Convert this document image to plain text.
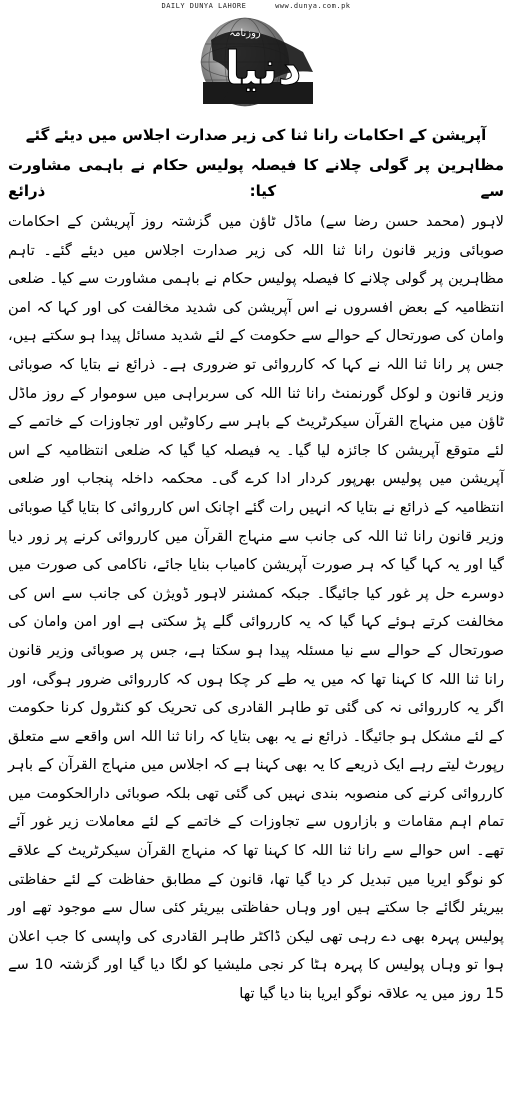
DAILY DUNYA LAHORE	www.dunya.com.pk
دنیا
روزنامہ
آپریشن کے احکامات رانا ثنا کی زیر صدارت اجلاس میں دیئے گئے
مظاہرین پر گولی چلانے کا فیصلہ پولیس حکام نے باہمی مشاورت سے کیا: ذرائع

لاہور (محمد حسن رضا سے) ماڈل ٹاؤن میں گزشتہ روز آپریشن کے احکامات صوبائی وزیر قانون رانا ثنا اللہ کی زیر صدارت اجلاس میں دیئے گئے۔ تاہم مظاہرین پر گولی چلانے کا فیصلہ پولیس حکام نے باہمی مشاورت سے کیا۔ ضلعی انتظامیہ کے بعض افسروں نے اس آپریشن کی شدید مخالفت کی اور کہا کہ امن وامان کی صورتحال کے حوالے سے حکومت کے لئے شدید مسائل پیدا ہو سکتے ہیں، جس پر رانا ثنا اللہ نے کہا کہ کارروائی تو ضروری ہے۔ ذرائع نے بتایا کہ صوبائی وزیر قانون و لوکل گورنمنٹ رانا ثنا اللہ کی سربراہی میں سوموار کے روز ماڈل ٹاؤن میں منہاج القرآن سیکرٹریٹ کے باہر سے رکاوٹیں اور تجاوزات کے خاتمے کے لئے متوقع آپریشن کا جائزہ لیا گیا۔ یہ فیصلہ کیا گیا کہ ضلعی انتظامیہ کے اس آپریشن میں پولیس بھرپور کردار ادا کرے گی۔ محکمہ داخلہ پنجاب اور ضلعی انتظامیہ کے ذرائع نے بتایا کہ انہیں رات گئے اچانک اس کارروائی کا بتایا گیا صوبائی وزیر قانون رانا ثنا اللہ کی جانب سے منہاج القرآن میں کارروائی کرنے پر زور دیا گیا اور یہ کہا گیا کہ ہر صورت آپریشن کامیاب بنایا جائے، ناکامی کی صورت میں دوسرے حل پر غور کیا جائیگا۔ جبکہ کمشنر لاہور ڈویژن کی جانب سے اس کی مخالفت کرتے ہوئے کہا گیا کہ یہ کارروائی گلے پڑ سکتی ہے اور امن وامان کی صورتحال کے حوالے سے نیا مسئلہ پیدا ہو سکتا ہے، جس پر صوبائی وزیر قانون رانا ثنا اللہ کا کہنا تھا کہ میں یہ طے کر چکا ہوں کہ کارروائی ضرور ہوگی، اور اگر یہ کارروائی نہ کی گئی تو طاہر القادری کی تحریک کو کنٹرول کرنا حکومت کے لئے مشکل ہو جائیگا۔ ذرائع نے یہ بھی بتایا کہ رانا ثنا اللہ اس واقعے سے متعلق رپورٹ لیتے رہے ایک ذریعے کا یہ بھی کہنا ہے کہ اجلاس میں منہاج القرآن کے باہر کارروائی کرنے کی منصوبہ بندی نہیں کی گئی تھی بلکہ صوبائی دارالحکومت میں تمام اہم مقامات و بازاروں سے تجاوزات کے خاتمے کے لئے معاملات زیر غور آئے تھے۔ اس حوالے سے رانا ثنا اللہ کا کہنا تھا کہ منہاج القرآن سیکرٹریٹ کے علاقے کو نوگو ایریا میں تبدیل کر دیا گیا تھا، قانون کے مطابق حفاظت کے لئے حفاظتی بیریئر لگائے جا سکتے ہیں اور وہاں حفاظتی بیریئر کئی سال سے موجود تھے اور پولیس پہرہ بھی دے رہی تھی لیکن ڈاکٹر طاہر القادری کی واپسی کا جب اعلان ہوا تو وہاں پولیس کا پہرہ ہٹا کر نجی ملیشیا کو لگا دیا گیا اور گزشتہ 10 سے 15 روز میں یہ علاقہ نوگو ایریا بنا دیا گیا تھا
